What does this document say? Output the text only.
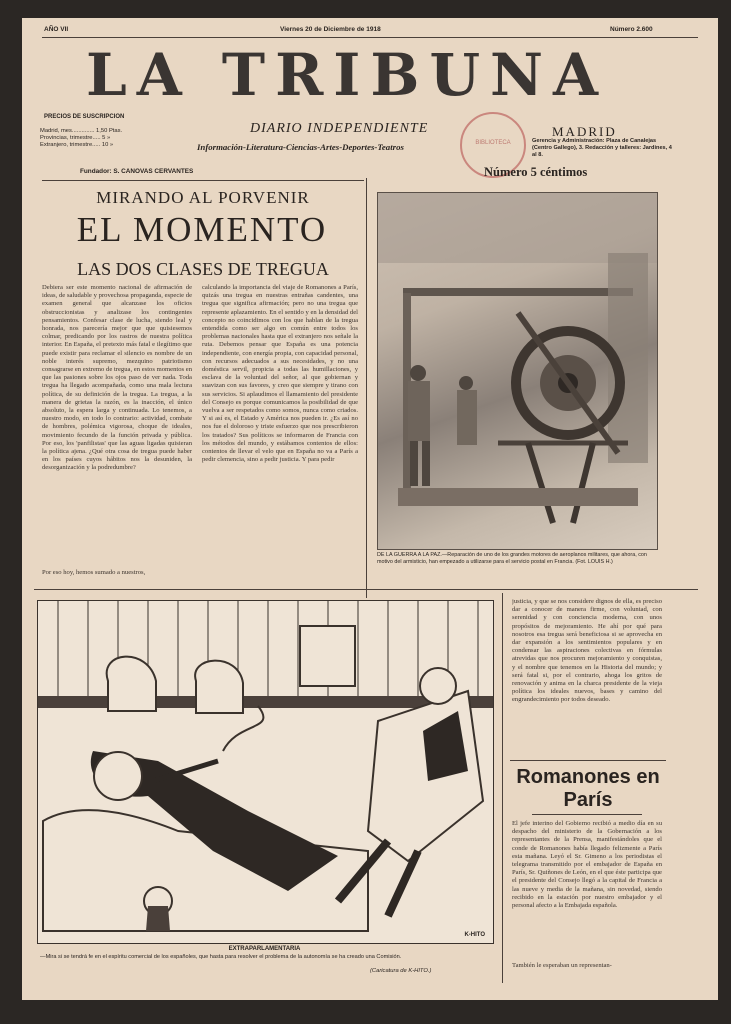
AÑO VII	Viernes 20 de Diciembre de 1918	Número 2.600
LA TRIBUNA
PRECIOS DE SUSCRIPCION
Madrid, mes.............. 1,50 Ptas.
Provincias, trimestre..... 5 »
Extranjero, trimestre..... 10 »
DIARIO INDEPENDIENTE
Información-Literatura-Ciencias-Artes-Deportes-Teatros	BIBLIOTECA
MADRID
Gerencia y Administración: Plaza de Canalejas (Centro Gallego), 3. Redacción y talleres: Jardines, 4 al 8.
Número 5 céntimos
Fundador: S. CANOVAS CERVANTES
MIRANDO AL PORVENIR
EL MOMENTO
LAS DOS CLASES DE TREGUA
Debiera ser este momento nacional de afirmación de ideas, de saludable y provechosa propaganda, especie de examen general que alcanzase los oficios obstruccionistas y analizase los contingentes pensamientos. Confesar clase de lucha, siendo leal y honrada, nos parecería mejor que que quisiesemos colmar, predicando por los rastros de nuestra política interior. En España, el pretexto más fatal e ilegítimo que puede existir para reclamar el silencio es nombre de un noble interés supremo, mezquino patriotismo consagrarse en extremo de tregua, en estos momentos en que las pasiones sobre los ojos paso de ver nada. Toda tregua ha llegado acompañada, como una mala lectura política, de su definición de la tregua. La tregua, a la manera de grietas la razón, es la inacción, el único absoluto, la espera larga y continuada. Lo tenemos, a nuestro modo, en todo lo contrario: actividad, combate de hombres, polémica vigorosa, choque de ideales, movimiento fecundo de la función privada y pública. Por eso, los 'panfilistas' que las aguas ligadas quisieran la política ajena. ¿Qué otra cosa de tregua puede haber en los países cuyos hábitos nos la desuniden, la desorganización y la podredumbre?
Por eso hoy, hemos sumado a nuestros,
calculando la importancia del viaje de Romanones a París, quizás una tregua en nuestras entrañas candentes, una tregua que significa afirmación; pero no una tregua que represente aplazamiento. En el sentido y en la densidad del concepto no coincidimos con los que hablan de la tregua entendida como ser algo en común entre todos los problemas nacionales hasta que el extranjero nos señale la ruta. Debemos pensar que España es una potencia independiente, con energía propia, con capacidad personal, con recursos adecuados a sus necesidades, y no una doméstica servil, propicia a todas las humillaciones, y esclava de la voluntad del señor, al que gobiernan y suavizan con sus favores, y creo que siempre y tirano con sus servicios. Si aplaudimos el llamamiento del presidente del Consejo es porque comunicamos la posibilidad de que vuelva a ser respetados como somos, nunca como criados. Y si así es, el Estado y América nos pueden ir. ¿Es así no nos fue el doloroso y triste esfuerzo que nos prescribieron los tratados? Sus políticos se informaron de Francia con los métodos del mundo, y estábamos contentos de ellos: contentos de llevar el velo que en España no va a París a pedir clemencia, sino a pedir justicia. Y para pedir
DE LA GUERRA A LA PAZ.—Reparación de uno de los grandes motores de aeroplanos militares, que ahora, con motivo del armisticio, han empezado a utilizarse para el servicio postal en Francia. (Fot. LOUIS H.)
K-HITO
EXTRAPARLAMENTARIA
—Mira si se tendrá fe en el espíritu comercial de los españoles, que hasta para resolver el problema de la autonomía se ha creado una Comisión.
(Caricatura de K-HITO.)
justicia, y que se nos considere dignos de ella, es preciso dar a conocer de manera firme, con voluntad, con serenidad y con conciencia moderna, con unos propósitos de mejoramiento. He ahí por qué para nosotros esa tregua será beneficiosa si se aprovecha en dar expansión a los sentimientos populares y en condensar las aspiraciones colectivas en fórmulas atrevidas que nos procuren mejoramiento y conquistas, y el nombre que tenemos en la Historia del mundo; y será fatal si, por el contrario, ahoga los gritos de renovación y anima en la charca presidente de la vieja política los ideales nuevos, bases y camino del engrandecimiento por todos deseado.
Romanones en París
El jefe interino del Gobierno recibió a medio día en su despacho del ministerio de la Gobernación a los representantes de la Prensa, manifestándoles que el conde de Romanones había llegado felizmente a París esta mañana. Leyó el Sr. Gimeno a los periodistas el telegrama transmitido por el embajador de España en París, Sr. Quiñones de León, en el que éste participa que el presidente del Consejo llegó a la capital de Francia a las nueve y media de la mañana, sin novedad, siendo recibido en la estación por nuestro embajador y el personal afecto a la Embajada española.
También le esperaban un representan-
